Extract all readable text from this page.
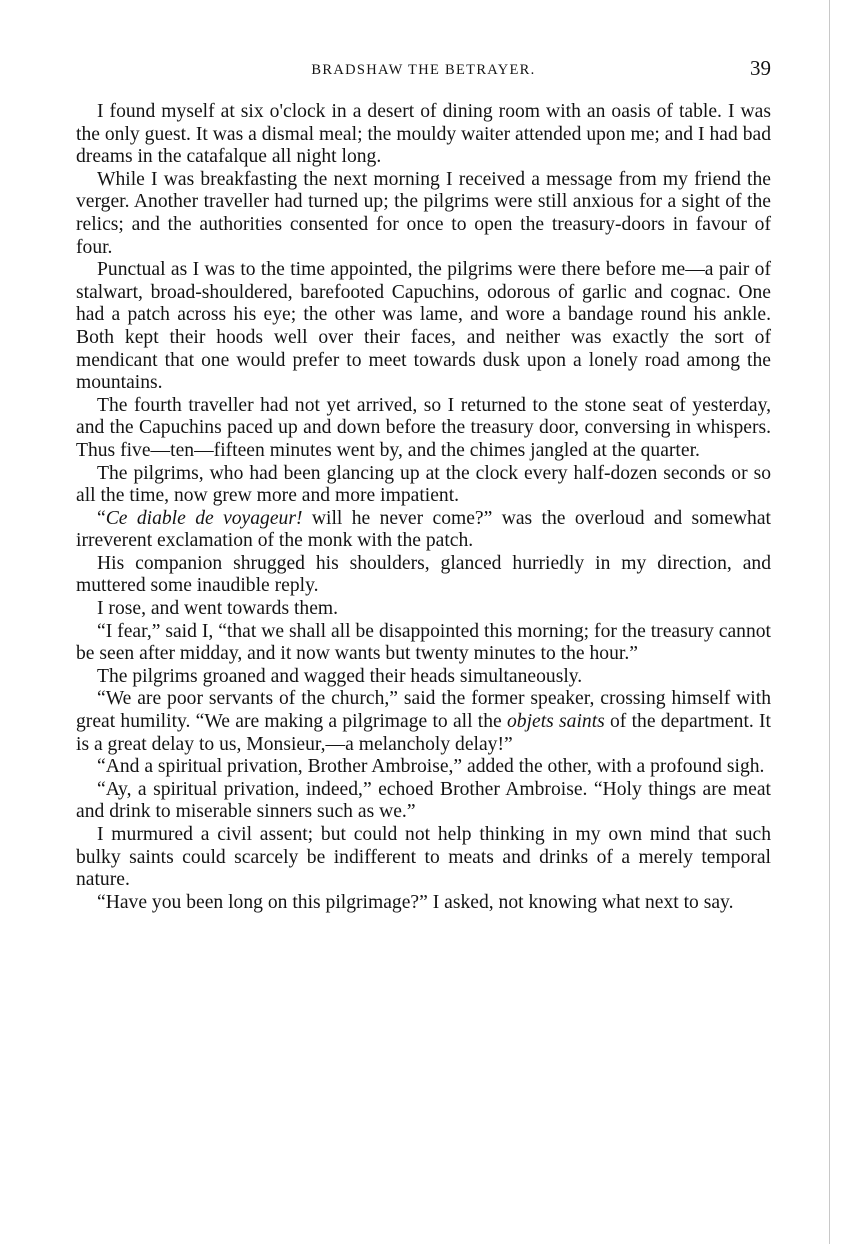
BRADSHAW THE BETRAYER.	39

I found myself at six o'clock in a desert of dining room with an oasis of table. I was the only guest. It was a dismal meal; the mouldy waiter attended upon me; and I had bad dreams in the catafalque all night long.

While I was breakfasting the next morning I received a message from my friend the verger. Another traveller had turned up; the pilgrims were still anxious for a sight of the relics; and the authorities consented for once to open the treasury-doors in favour of four.

Punctual as I was to the time appointed, the pilgrims were there before me—a pair of stalwart, broad-shouldered, barefooted Capuchins, odorous of garlic and cognac. One had a patch across his eye; the other was lame, and wore a bandage round his ankle. Both kept their hoods well over their faces, and neither was exactly the sort of mendicant that one would prefer to meet towards dusk upon a lonely road among the mountains.

The fourth traveller had not yet arrived, so I returned to the stone seat of yesterday, and the Capuchins paced up and down before the treasury door, conversing in whispers. Thus five—ten—fifteen minutes went by, and the chimes jangled at the quarter.

The pilgrims, who had been glancing up at the clock every half-dozen seconds or so all the time, now grew more and more impatient.

“Ce diable de voyageur! will he never come?” was the overloud and somewhat irreverent exclamation of the monk with the patch.

His companion shrugged his shoulders, glanced hurriedly in my direction, and muttered some inaudible reply.

I rose, and went towards them.

“I fear,” said I, “that we shall all be disappointed this morning; for the treasury cannot be seen after midday, and it now wants but twenty minutes to the hour.”

The pilgrims groaned and wagged their heads simultaneously.

“We are poor servants of the church,” said the former speaker, crossing himself with great humility. “We are making a pilgrimage to all the objets saints of the department. It is a great delay to us, Monsieur,—a melancholy delay!”

“And a spiritual privation, Brother Ambroise,” added the other, with a profound sigh.

“Ay, a spiritual privation, indeed,” echoed Brother Ambroise. “Holy things are meat and drink to miserable sinners such as we.”

I murmured a civil assent; but could not help thinking in my own mind that such bulky saints could scarcely be indifferent to meats and drinks of a merely temporal nature.

“Have you been long on this pilgrimage?” I asked, not knowing what next to say.
